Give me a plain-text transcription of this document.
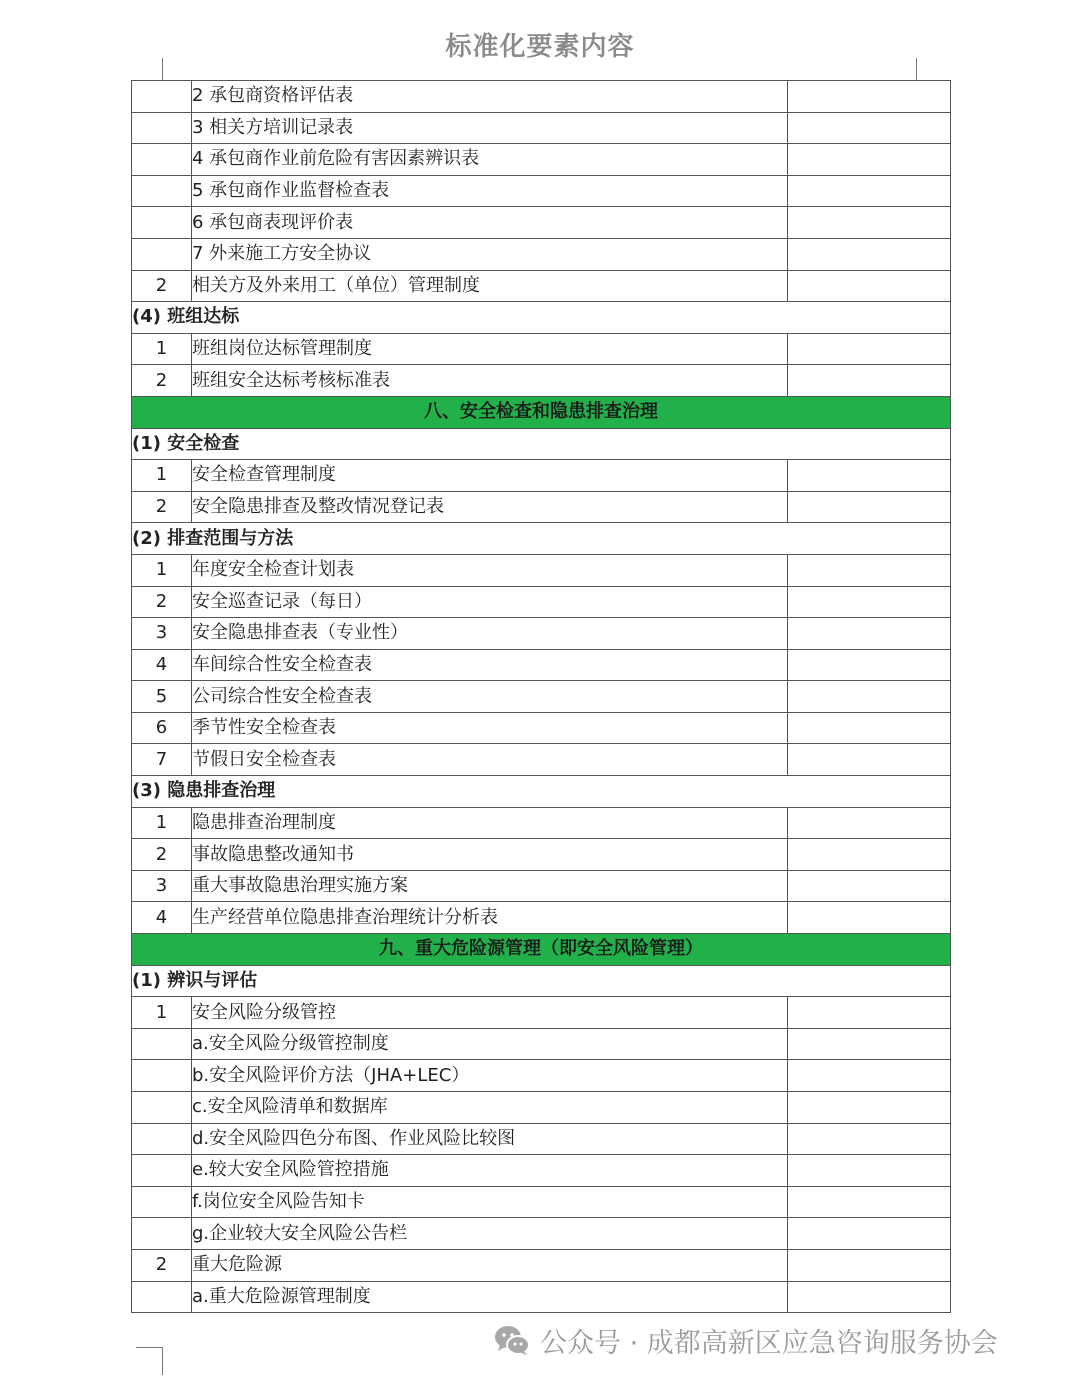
标准化要素内容
	2 承包商资格评估表	
	3 相关方培训记录表	
	4 承包商作业前危险有害因素辨识表	
	5 承包商作业监督检查表	
	6 承包商表现评价表	
	7 外来施工方安全协议	
2	相关方及外来用工（单位）管理制度	
(4) 班组达标		
1	班组岗位达标管理制度	
2	班组安全达标考核标准表	
八、安全检查和隐患排查治理		
(1) 安全检查		
1	安全检查管理制度	
2	安全隐患排查及整改情况登记表	
(2) 排查范围与方法		
1	年度安全检查计划表	
2	安全巡查记录（每日）	
3	安全隐患排查表（专业性）	
4	车间综合性安全检查表	
5	公司综合性安全检查表	
6	季节性安全检查表	
7	节假日安全检查表	
(3) 隐患排查治理		
1	隐患排查治理制度	
2	事故隐患整改通知书	
3	重大事故隐患治理实施方案	
4	生产经营单位隐患排查治理统计分析表	
九、重大危险源管理（即安全风险管理）		
(1) 辨识与评估		
1	安全风险分级管控	
	a.安全风险分级管控制度	
	b.安全风险评价方法（JHA+LEC）	
	c.安全风险清单和数据库	
	d.安全风险四色分布图、作业风险比较图	
	e.较大安全风险管控措施	
	f.岗位安全风险告知卡	
	g.企业较大安全风险公告栏	
2	重大危险源	
	a.重大危险源管理制度	
公众号 · 成都高新区应急咨询服务协会
